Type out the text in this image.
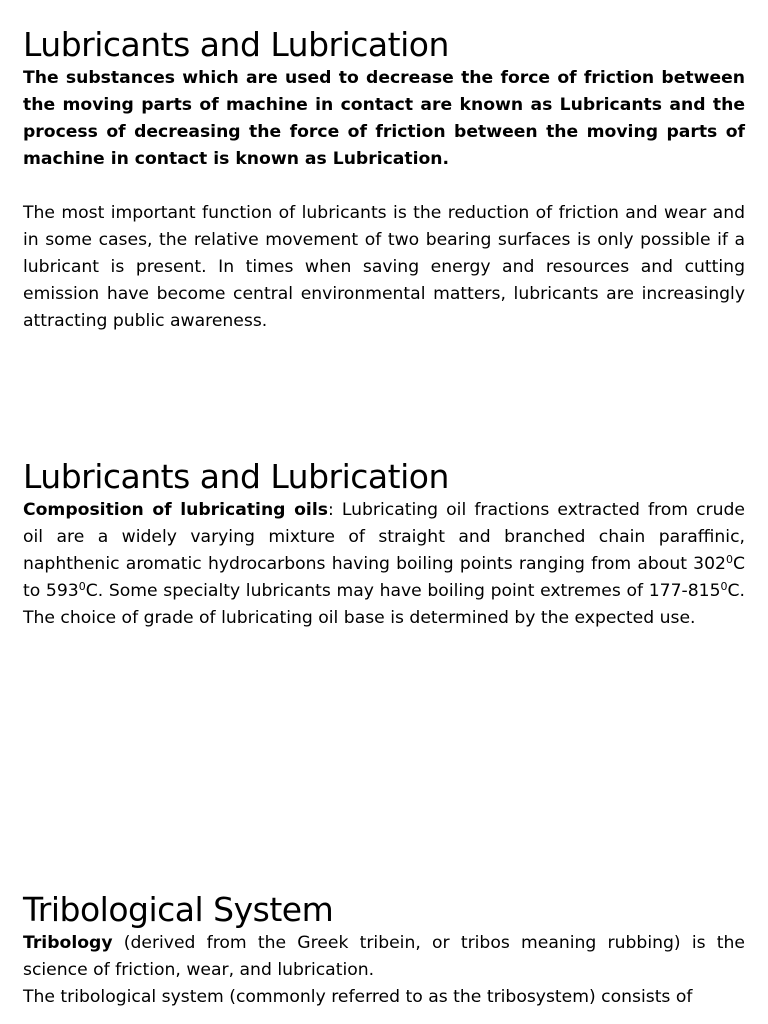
Lubricants and Lubrication

The substances which are used to decrease the force of friction between the moving parts of machine in contact are known as Lubricants and the process of decreasing the force of friction between the moving parts of machine in contact is known as Lubrication.

The most important function of lubricants is the reduction of friction and wear and in some cases, the relative movement of two bearing surfaces is only possible if a lubricant is present. In times when saving energy and resources and cutting emission have become central environmental matters, lubricants are increasingly attracting public awareness.

Lubricants and Lubrication

Composition of lubricating oils: Lubricating oil fractions extracted from crude oil are a widely varying mixture of straight and branched chain paraffinic, naphthenic aromatic hydrocarbons having boiling points ranging from about $302^0C$ to $593^0C$. Some specialty lubricants may have boiling point extremes of $177-815^0C$. The choice of grade of lubricating oil base is determined by the expected use.

Tribological System

Tribology (derived from the Greek tribein, or tribos meaning rubbing) is the science of friction, wear, and lubrication.

The tribological system (commonly referred to as the tribosystem) consists of
